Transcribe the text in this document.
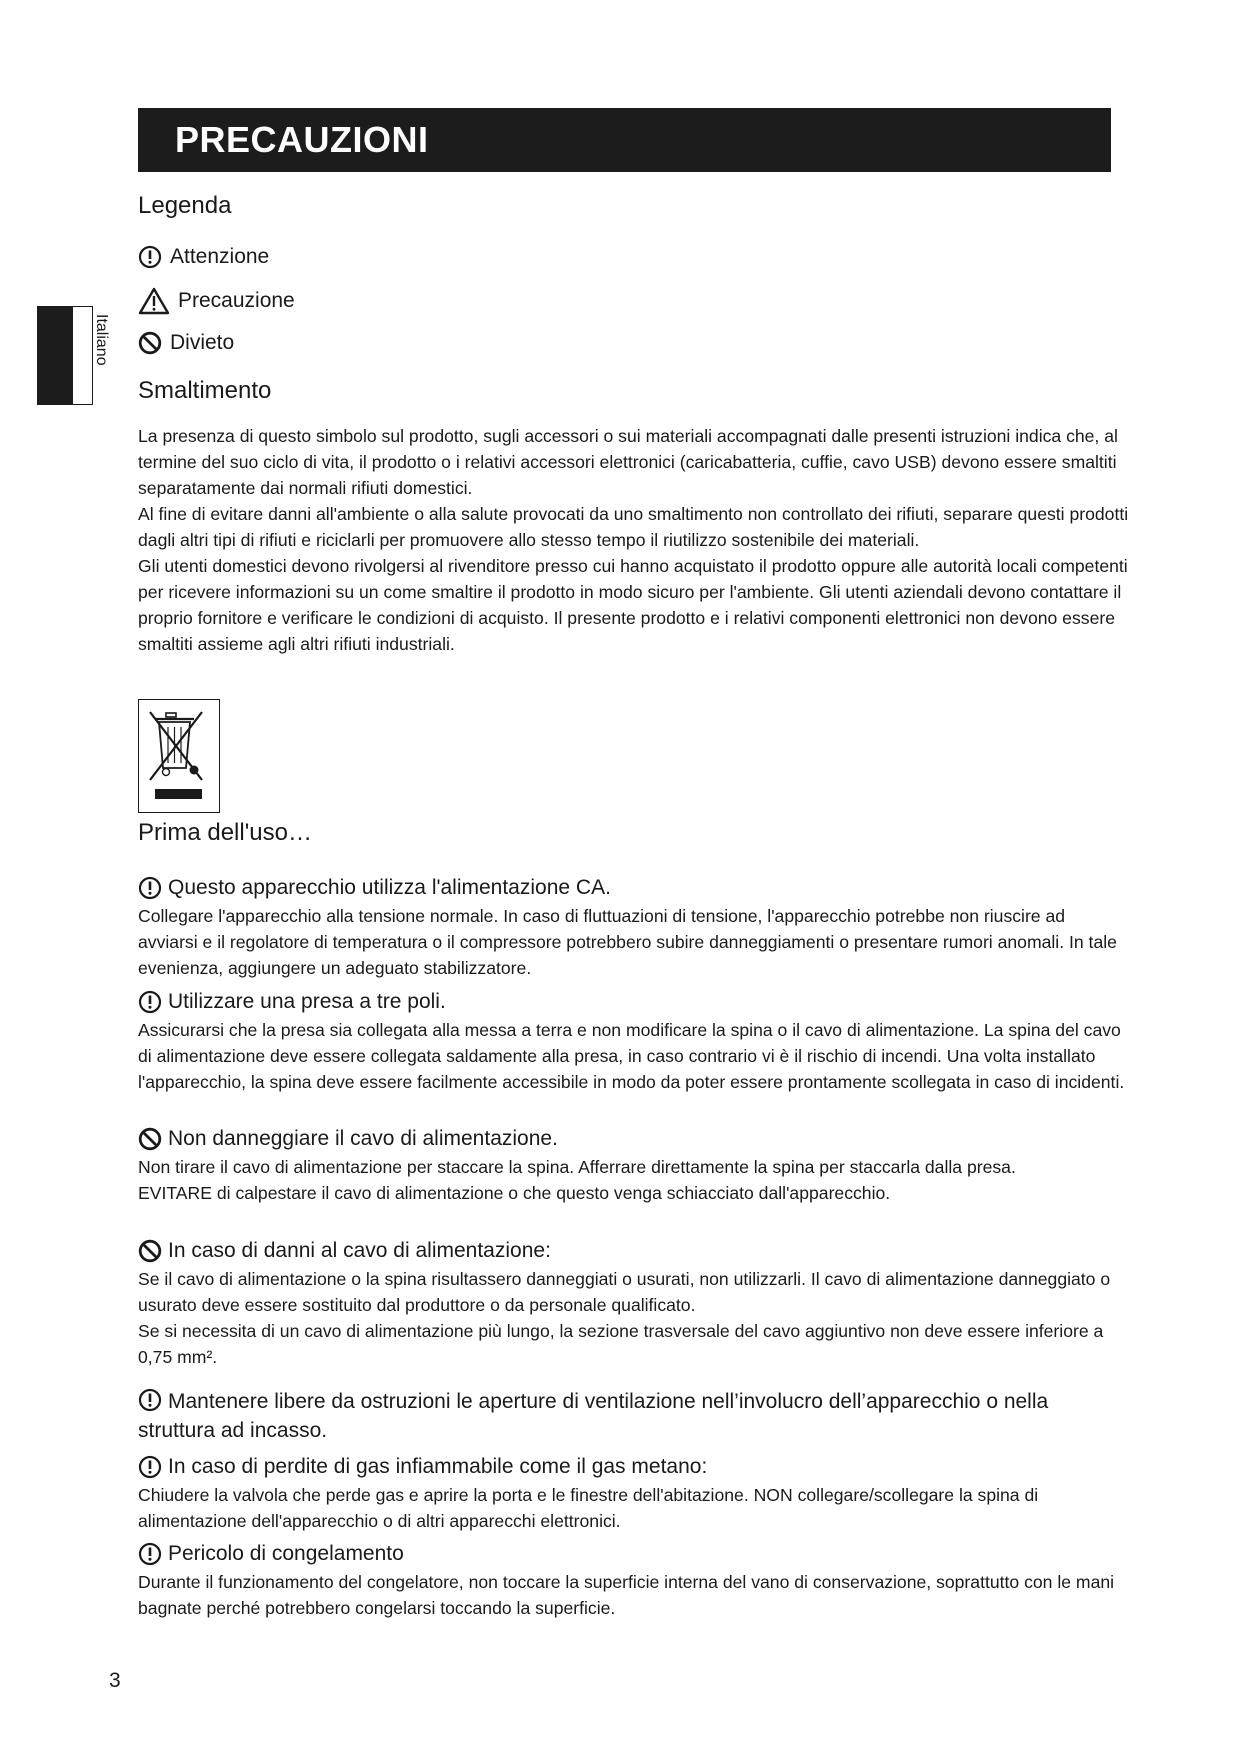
PRECAUZIONI
Italiano
Legenda
Attenzione
Precauzione
Divieto
Smaltimento

La presenza di questo simbolo sul prodotto, sugli accessori o sui materiali accompagnati dalle presenti istruzioni indica che, al termine del suo ciclo di vita, il prodotto o i relativi accessori elettronici (caricabatteria, cuffie, cavo USB) devono essere smaltiti separatamente dai normali rifiuti domestici.

Al fine di evitare danni all'ambiente o alla salute provocati da uno smaltimento non controllato dei rifiuti, separare questi prodotti dagli altri tipi di rifiuti e riciclarli per promuovere allo stesso tempo il riutilizzo sostenibile dei materiali.

Gli utenti domestici devono rivolgersi al rivenditore presso cui hanno acquistato il prodotto oppure alle autorità locali competenti per ricevere informazioni su un come smaltire il prodotto in modo sicuro per l'ambiente. Gli utenti aziendali devono contattare il proprio fornitore e verificare le condizioni di acquisto. Il presente prodotto e i relativi componenti elettronici non devono essere smaltiti assieme agli altri rifiuti industriali.

Prima dell'uso…
Questo apparecchio utilizza l'alimentazione CA.

Collegare l'apparecchio alla tensione normale. In caso di fluttuazioni di tensione, l'apparecchio potrebbe non riuscire ad avviarsi e il regolatore di temperatura o il compressore potrebbero subire danneggiamenti o presentare rumori anomali. In tale evenienza, aggiungere un adeguato stabilizzatore.

Utilizzare una presa a tre poli.

Assicurarsi che la presa sia collegata alla messa a terra e non modificare la spina o il cavo di alimentazione. La spina del cavo di alimentazione deve essere collegata saldamente alla presa, in caso contrario vi è il rischio di incendi. Una volta installato l'apparecchio, la spina deve essere facilmente accessibile in modo da poter essere prontamente scollegata in caso di incidenti.

Non danneggiare il cavo di alimentazione.

Non tirare il cavo di alimentazione per staccare la spina. Afferrare direttamente la spina per staccarla dalla presa.

EVITARE di calpestare il cavo di alimentazione o che questo venga schiacciato dall'apparecchio.

In caso di danni al cavo di alimentazione:

Se il cavo di alimentazione o la spina risultassero danneggiati o usurati, non utilizzarli. Il cavo di alimentazione danneggiato o usurato deve essere sostituito dal produttore o da personale qualificato.

Se si necessita di un cavo di alimentazione più lungo, la sezione trasversale del cavo aggiuntivo non deve essere inferiore a 0,75 mm².

Mantenere libere da ostruzioni le aperture di ventilazione nell’involucro dell’apparecchio o nella struttura ad incasso.
In caso di perdite di gas infiammabile come il gas metano:

Chiudere la valvola che perde gas e aprire la porta e le finestre dell'abitazione. NON collegare/scollegare la spina di alimentazione dell'apparecchio o di altri apparecchi elettronici.

Pericolo di congelamento

Durante il funzionamento del congelatore, non toccare la superficie interna del vano di conservazione, soprattutto con le mani bagnate perché potrebbero congelarsi toccando la superficie.

3
